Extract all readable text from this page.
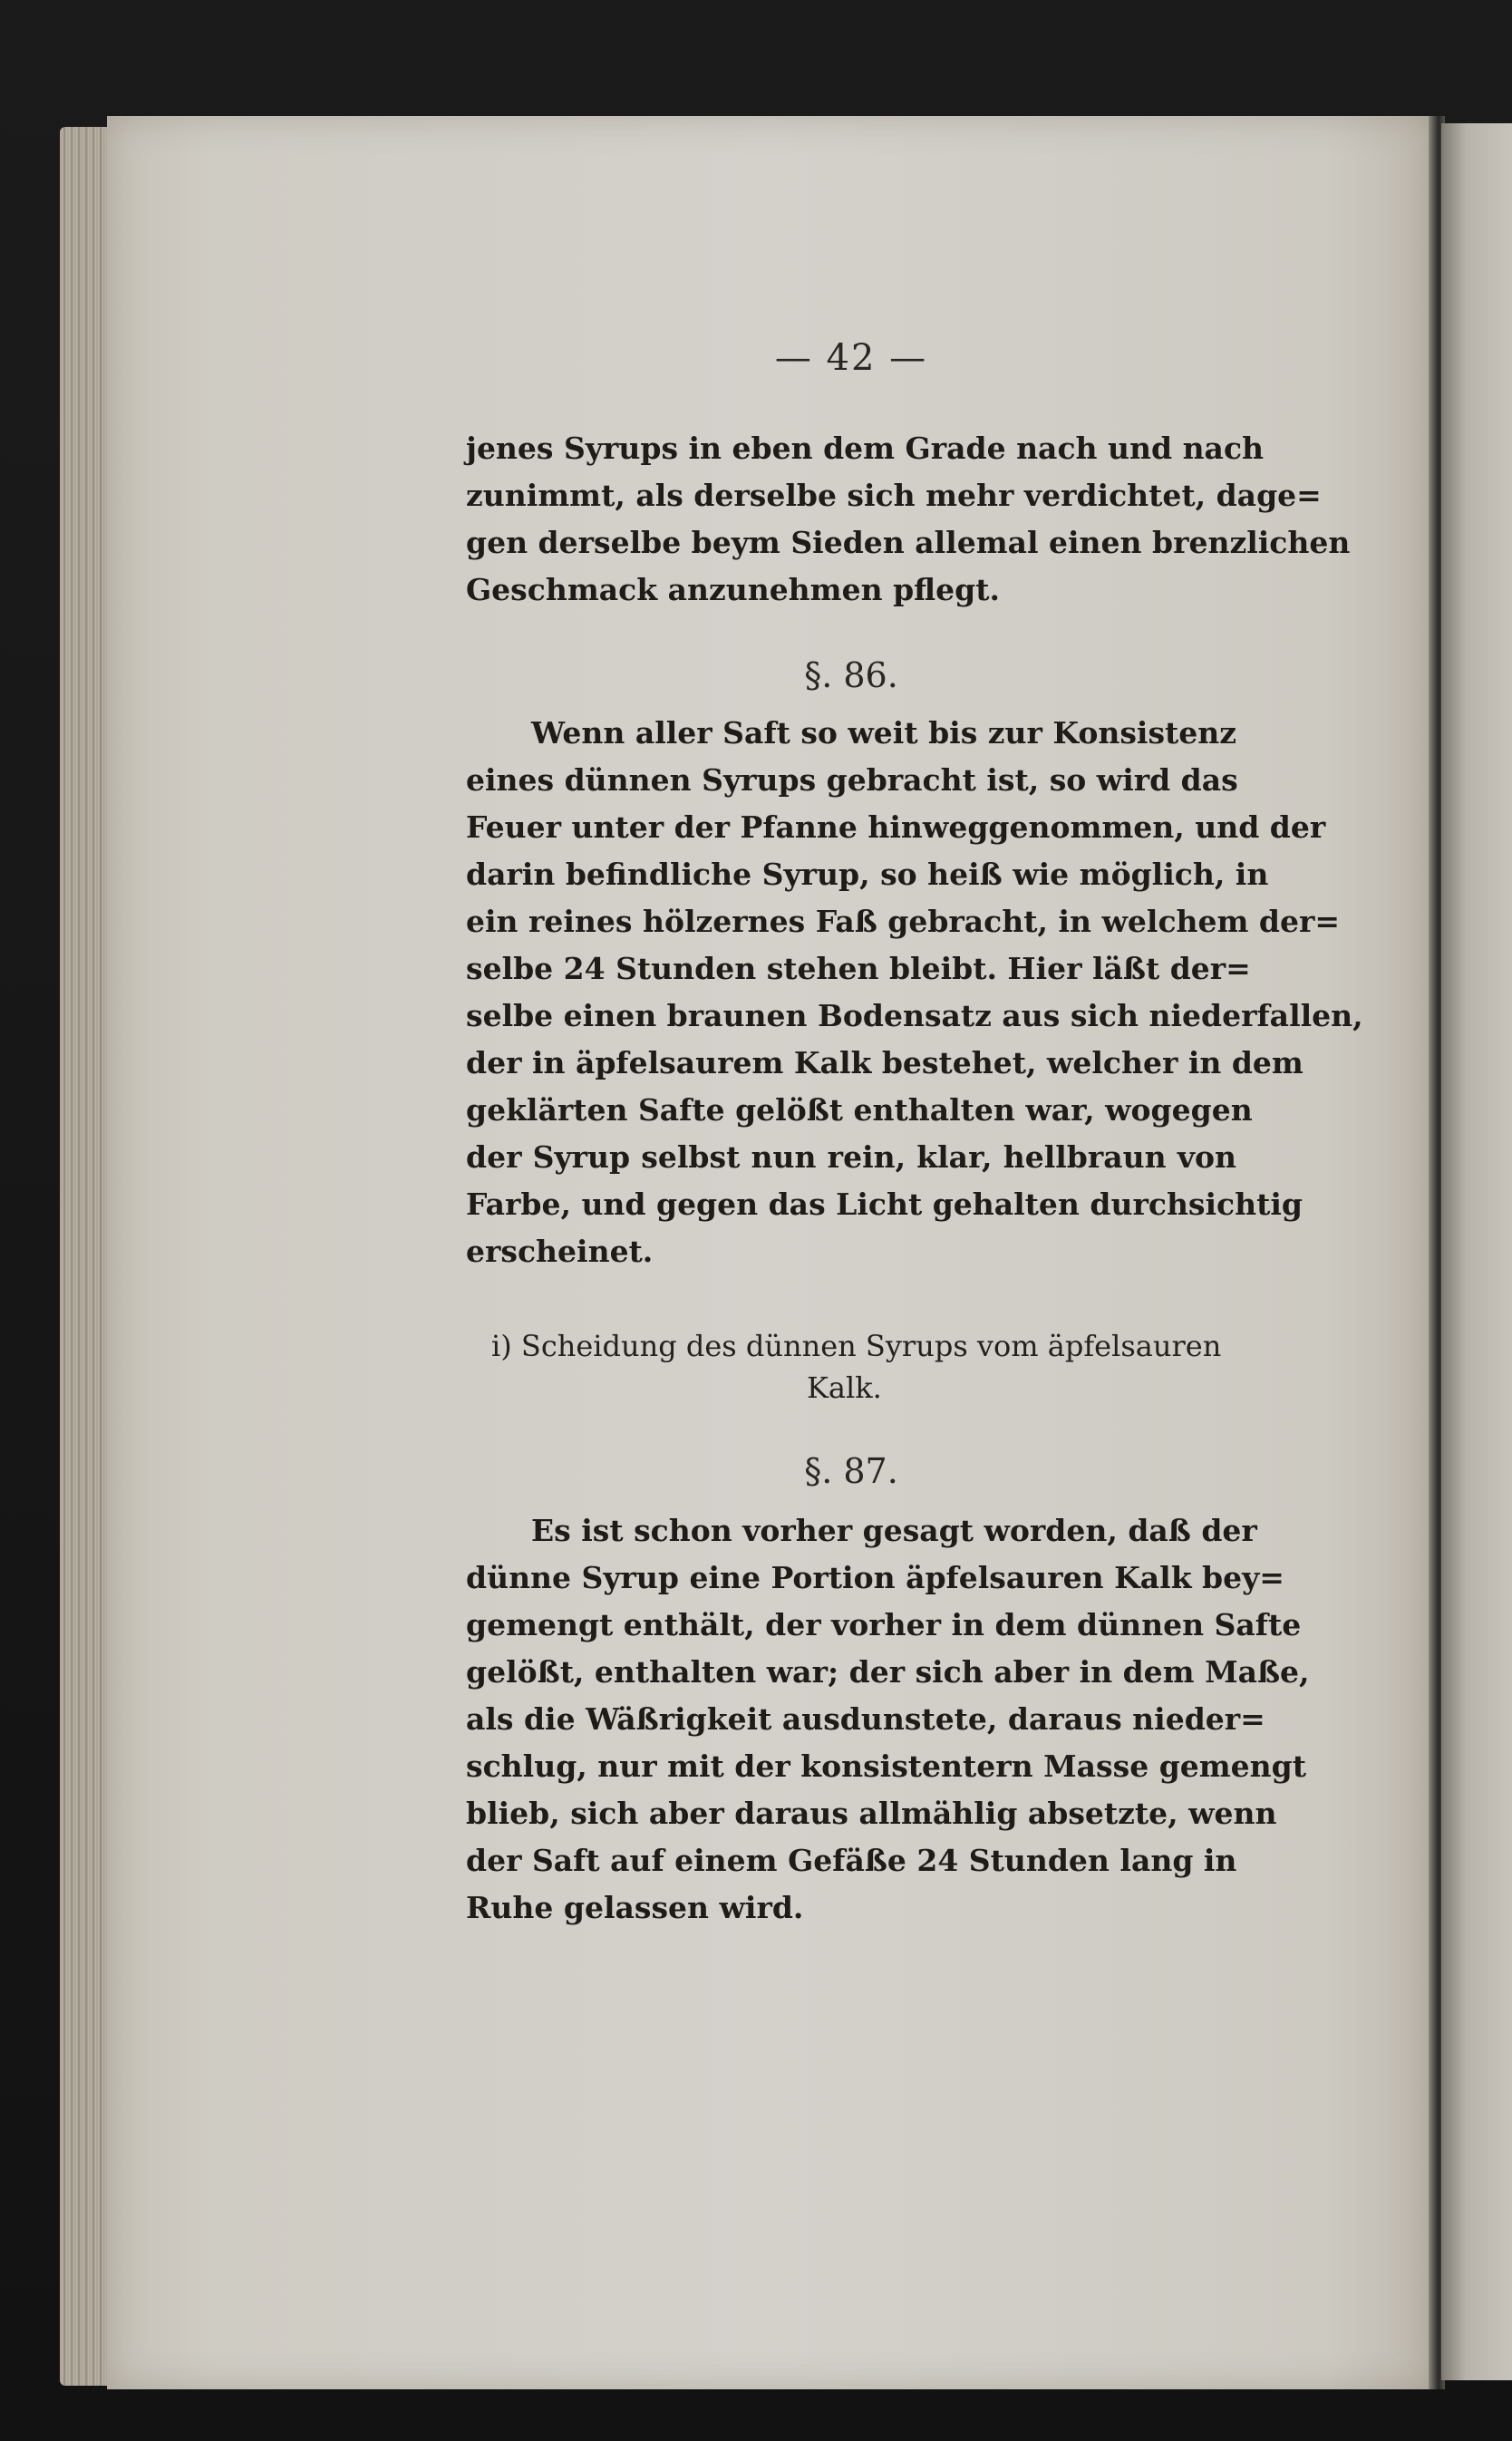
— 42 —
jenes Syrups in eben dem Grade nach und nach
zunimmt, als derselbe sich mehr verdichtet, dage=
gen derselbe beym Sieden allemal einen brenzlichen
Geschmack anzunehmen pflegt.
§. 86.
Wenn aller Saft so weit bis zur Konsistenz
eines dünnen Syrups gebracht ist, so wird das
Feuer unter der Pfanne hinweggenommen, und der
darin befindliche Syrup, so heiß wie möglich, in
ein reines hölzernes Faß gebracht, in welchem der=
selbe 24 Stunden stehen bleibt. Hier läßt der=
selbe einen braunen Bodensatz aus sich niederfallen,
der in äpfelsaurem Kalk bestehet, welcher in dem
geklärten Safte gelößt enthalten war, wogegen
der Syrup selbst nun rein, klar, hellbraun von
Farbe, und gegen das Licht gehalten durchsichtig
erscheinet.
i) Scheidung des dünnen Syrups vom äpfelsauren
Kalk.
§. 87.
Es ist schon vorher gesagt worden, daß der
dünne Syrup eine Portion äpfelsauren Kalk bey=
gemengt enthält, der vorher in dem dünnen Safte
gelößt, enthalten war; der sich aber in dem Maße,
als die Wäßrigkeit ausdunstete, daraus nieder=
schlug, nur mit der konsistentern Masse gemengt
blieb, sich aber daraus allmählig absetzte, wenn
der Saft auf einem Gefäße 24 Stunden lang in
Ruhe gelassen wird.
